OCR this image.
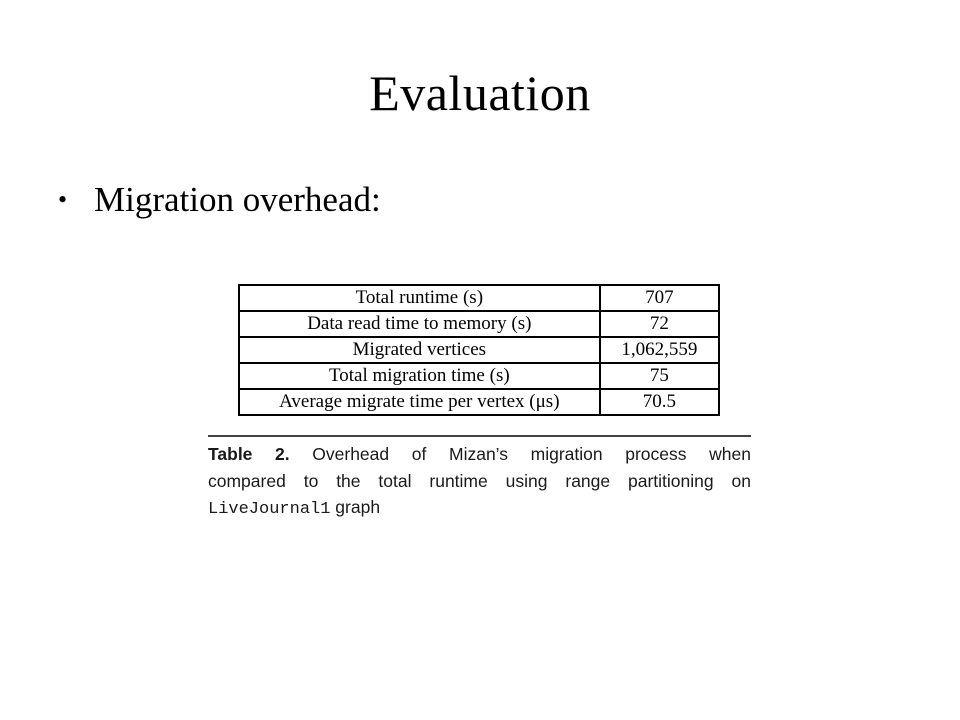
Evaluation
• Migration overhead:
Total runtime (s)	707
Data read time to memory (s)	72
Migrated vertices	1,062,559
Total migration time (s)	75
Average migrate time per vertex (μs)	70.5
Table 2. Overhead of Mizan’s migration process when
compared to the total runtime using range partitioning on
LiveJournal1 graph
